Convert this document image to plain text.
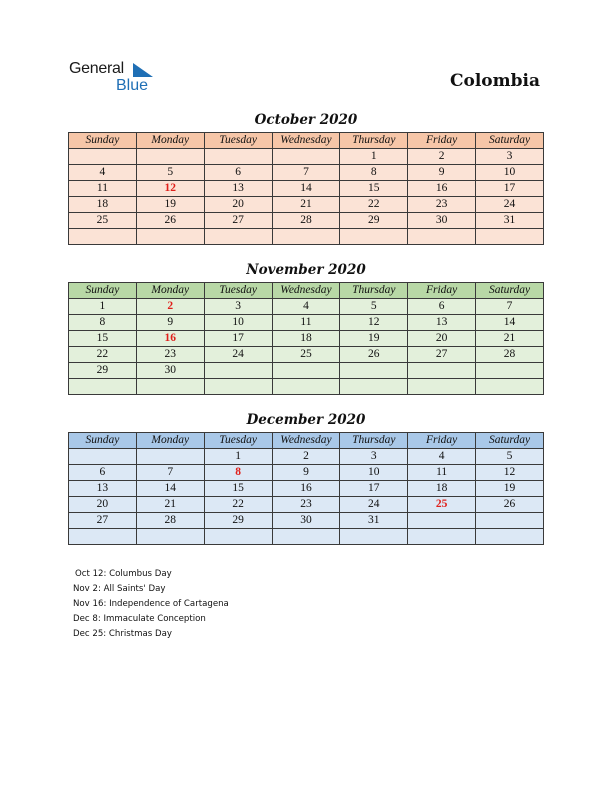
General
Blue	Colombia
October 2020
Sunday	Monday	Tuesday	Wednesday	Thursday	Friday	Saturday
				1	2	3
4	5	6	7	8	9	10
11	12	13	14	15	16	17
18	19	20	21	22	23	24
25	26	27	28	29	30	31

November 2020
Sunday	Monday	Tuesday	Wednesday	Thursday	Friday	Saturday
1	2	3	4	5	6	7
8	9	10	11	12	13	14
15	16	17	18	19	20	21
22	23	24	25	26	27	28
29	30					

December 2020
Sunday	Monday	Tuesday	Wednesday	Thursday	Friday	Saturday
		1	2	3	4	5
6	7	8	9	10	11	12
13	14	15	16	17	18	19
20	21	22	23	24	25	26
27	28	29	30	31		

Oct 12: Columbus Day
Nov 2: All Saints' Day
Nov 16: Independence of Cartagena
Dec 8: Immaculate Conception
Dec 25: Christmas Day
